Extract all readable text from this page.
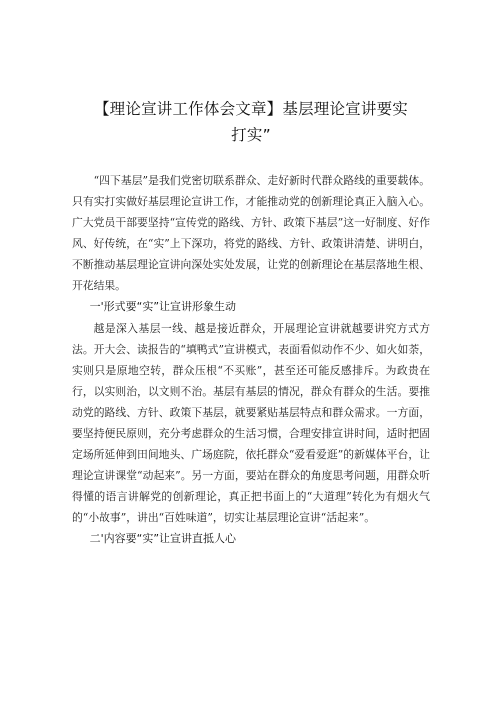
【理论宣讲工作体会文章】基层理论宣讲要实
打实”

“四下基层”是我们党密切联系群众、走好新时代群众路线的重要载体。只有实打实做好基层理论宣讲工作，才能推动党的创新理论真正入脑入心。广大党员干部要坚持“宣传党的路线、方针、政策下基层”这一好制度、好作风、好传统，在“实”上下深功，将党的路线、方针、政策讲清楚、讲明白，不断推动基层理论宣讲向深处实处发展，让党的创新理论在基层落地生根、开花结果。

一'形式要“实”让宣讲形象生动

越是深入基层一线、越是接近群众，开展理论宣讲就越要讲究方式方法。开大会、读报告的“填鸭式”宣讲模式，表面看似动作不少、如火如荼，实则只是原地空转，群众压根“不买账”，甚至还可能反感排斥。为政贵在行，以实则治，以文则不治。基层有基层的情况，群众有群众的生活。要推动党的路线、方针、政策下基层，就要紧贴基层特点和群众需求。一方面，要坚持便民原则，充分考虑群众的生活习惯，合理安排宣讲时间，适时把固定场所延伸到田间地头、广场庭院，依托群众“爱看爱逛”的新媒体平台，让理论宣讲课堂“动起来”。另一方面，要站在群众的角度思考问题，用群众听得懂的语言讲解党的创新理论，真正把书面上的“大道理”转化为有烟火气的“小故事”，讲出“百姓味道”，切实让基层理论宣讲“活起来”。

二'内容要“实”让宣讲直抵人心
